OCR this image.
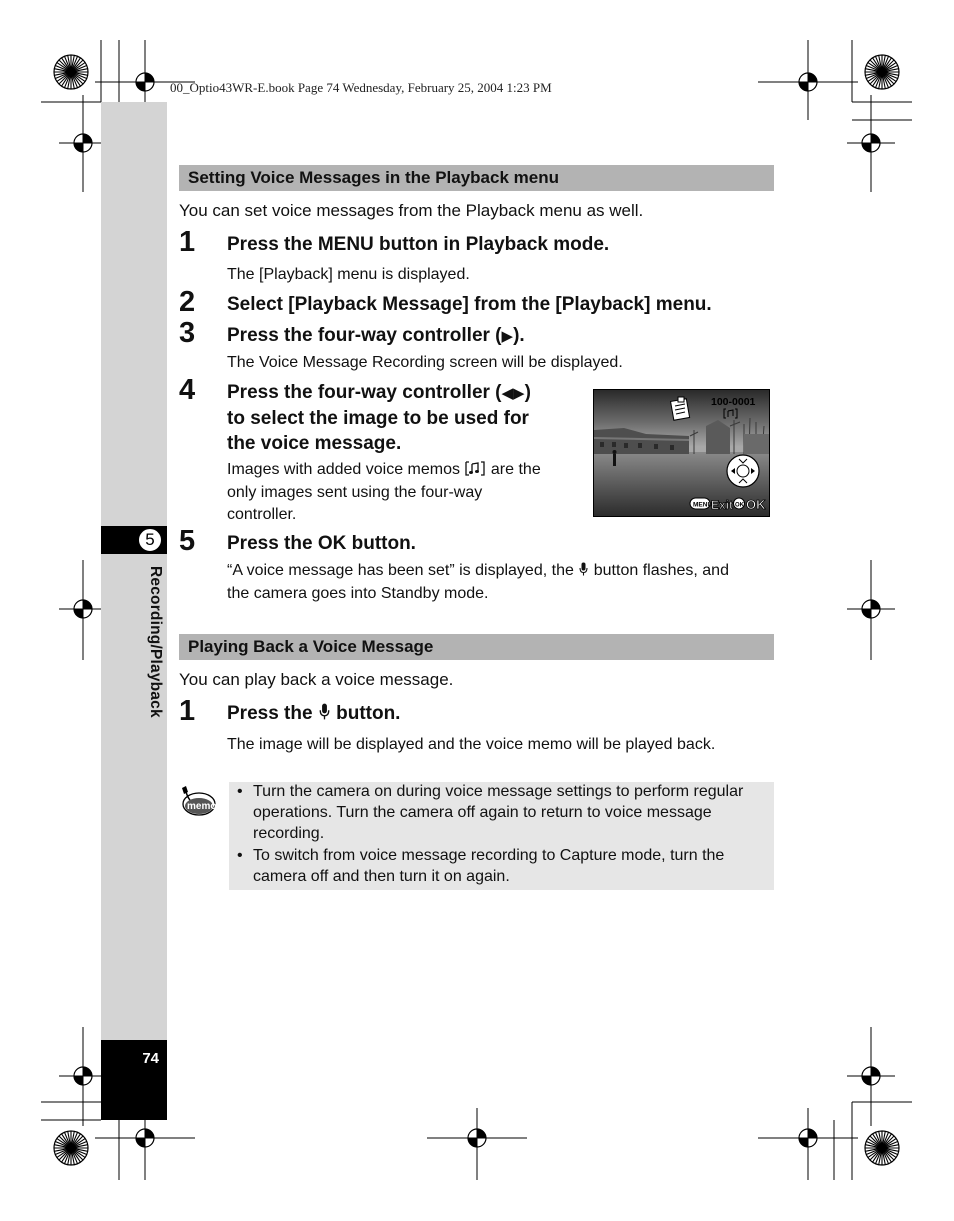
00_Optio43WR-E.book Page 74 Wednesday, February 25, 2004 1:23 PM
5
Recording/Playback
74
Setting Voice Messages in the Playback menu
You can set voice messages from the Playback menu as well.
1 Press the MENU button in Playback mode.
The [Playback] menu is displayed.
2 Select [Playback Message] from the [Playback] menu.
3 Press the four-way controller (▶).
The Voice Message Recording screen will be displayed.
4 Press the four-way controller (◀▶)
to select the image to be used for
the voice message.
Images with added voice memos  are the
only images sent using the four-way
controller.
100-0001
MENU
Exit OK OK
5 Press the OK button.
“A voice message has been set” is displayed, the  button flashes, and
the camera goes into Standby mode.
Playing Back a Voice Message
You can play back a voice message.
1 Press the  button.
The image will be displayed and the voice memo will be played back.
memo
• Turn the camera on during voice message settings to perform regular
operations. Turn the camera off again to return to voice message
recording.
• To switch from voice message recording to Capture mode, turn the
camera off and then turn it on again.
